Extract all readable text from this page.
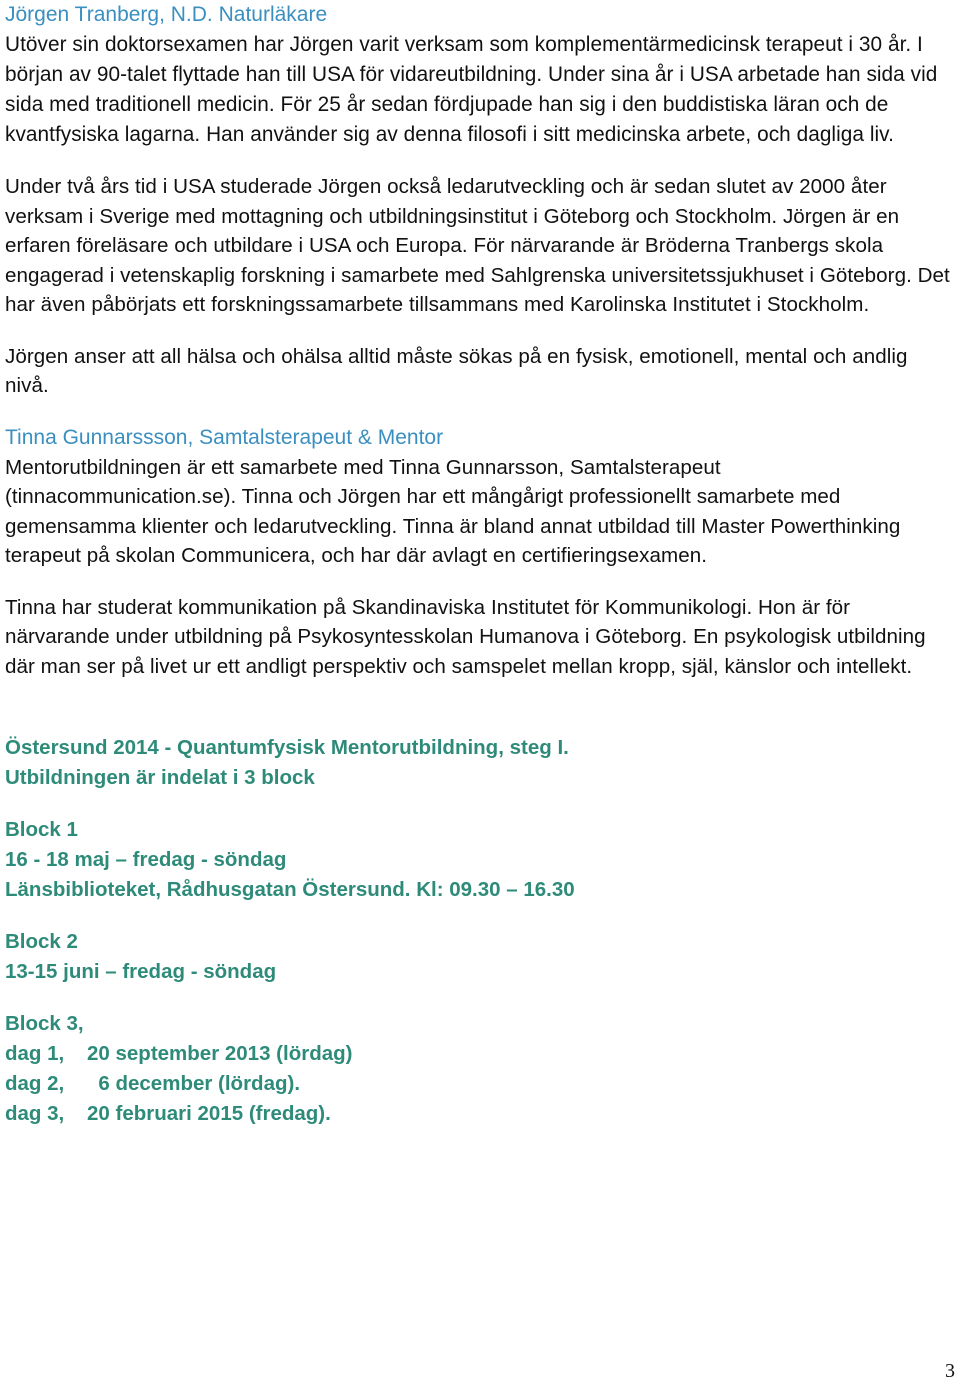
Jörgen Tranberg, N.D. Naturläkare

Utöver sin doktorsexamen har Jörgen varit verksam som komplementärmedicinsk terapeut i 30 år. I början av 90-talet flyttade han till USA för vidareutbildning. Under sina år i USA arbetade han sida vid sida med traditionell medicin. För 25 år sedan fördjupade han sig i den buddistiska läran och de kvantfysiska lagarna. Han använder sig av denna filosofi i sitt medicinska arbete, och dagliga liv.

Under två års tid i USA studerade Jörgen också ledarutveckling och är sedan slutet av 2000 åter verksam i Sverige med mottagning och utbildningsinstitut i Göteborg och Stockholm. Jörgen är en erfaren föreläsare och utbildare i USA och Europa. För närvarande är Bröderna Tranbergs skola engagerad i vetenskaplig forskning i samarbete med Sahlgrenska universitetssjukhuset i Göteborg. Det har även påbörjats ett forskningssamarbete tillsammans med Karolinska Institutet i Stockholm.

Jörgen anser att all hälsa och ohälsa alltid måste sökas på en fysisk, emotionell, mental och andlig nivå.

Tinna Gunnarssson, Samtalsterapeut & Mentor

Mentorutbildningen är ett samarbete med Tinna Gunnarsson, Samtalsterapeut (tinnacommunication.se). Tinna och Jörgen har ett mångårigt professionellt samarbete med gemensamma klienter och ledarutveckling. Tinna är bland annat utbildad till Master Powerthinking terapeut på skolan Communicera, och har där avlagt en certifieringsexamen.

Tinna har studerat kommunikation på Skandinaviska Institutet för Kommunikologi. Hon är för närvarande under utbildning på Psykosyntesskolan Humanova i Göteborg. En psykologisk utbildning där man ser på livet ur ett andligt perspektiv och samspelet mellan kropp, själ, känslor och intellekt.

Östersund 2014 - Quantumfysisk Mentorutbildning, steg I.

Utbildningen är indelat i 3 block

Block 1

16 - 18 maj – fredag - söndag

Länsbiblioteket, Rådhusgatan Östersund. Kl: 09.30 – 16.30

Block 2

13-15 juni – fredag - söndag

Block 3,

dag 1,	20 september 2013 (lördag)

dag 2,	6 december (lördag).

dag 3,	20 februari 2015 (fredag).

3
